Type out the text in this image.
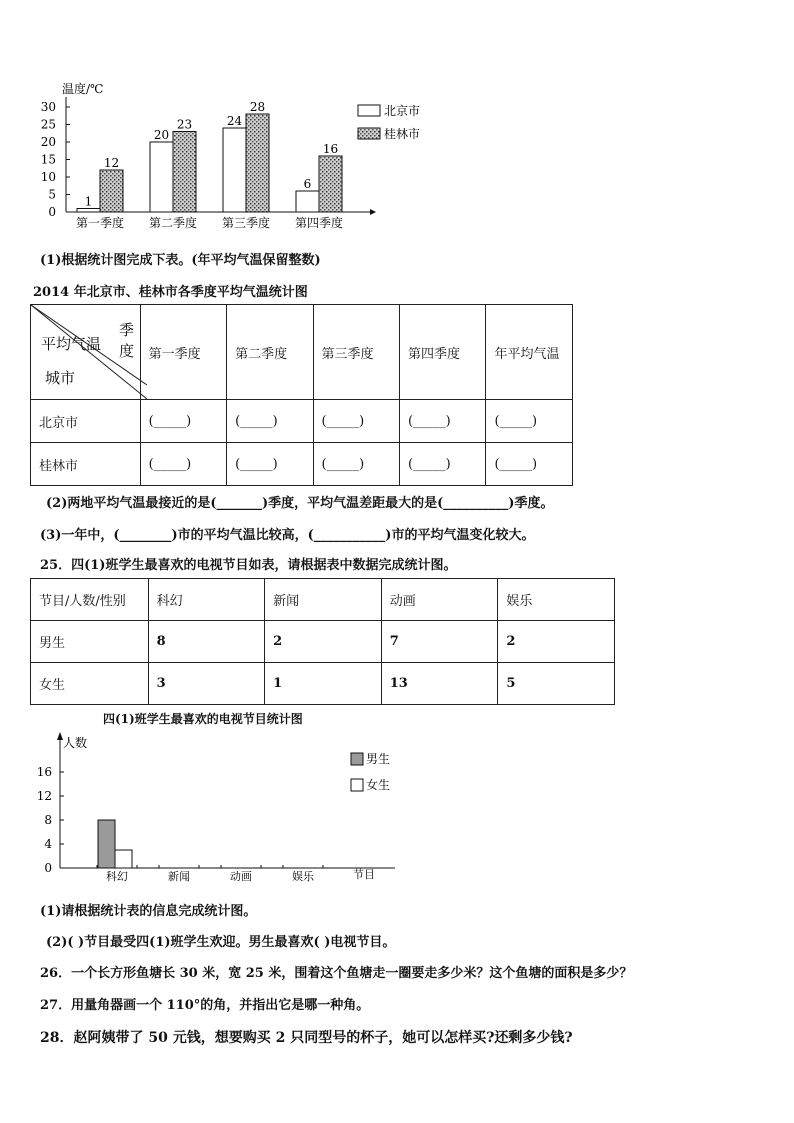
温度/℃
30
25
20
15
10
5
0
1
12
20
23	24
28
6
16
第一季度 第二季度 第三季度 第四季度
北京市
桂林市
(1)根据统计图完成下表。(年平均气温保留整数)
2014 年北京市、桂林市各季度平均气温统计图
季度
平均气温
城市	第一季度	第二季度	第三季度	第四季度	年平均气温
北京市	(_____)	(_____)	(_____)	(_____)	(_____)
桂林市	(_____)	(_____)	(_____)	(_____)	(_____)
(2)两地平均气温最接近的是(_______)季度，平均气温差距最大的是(__________)季度。
(3)一年中，(________)市的平均气温比较高，(___________)市的平均气温变化较大。
25．四(1)班学生最喜欢的电视节目如表，请根据表中数据完成统计图。
节目/人数/性别	科幻	新闻	动画	娱乐
男生	8	2	7	2
女生	3	1	13	5
四(1)班学生最喜欢的电视节目统计图
人数
节目
16
12
8
4
0
科幻	新闻	动画	娱乐
男生
女生
(1)请根据统计表的信息完成统计图。
(2)( )节目最受四(1)班学生欢迎。男生最喜欢( )电视节目。
26．一个长方形鱼塘长 30 米，宽 25 米，围着这个鱼塘走一圈要走多少米？这个鱼塘的面积是多少？
27．用量角器画一个 110°的角，并指出它是哪一种角。
28．赵阿姨带了 50 元钱，想要购买 2 只同型号的杯子，她可以怎样买?还剩多少钱?
